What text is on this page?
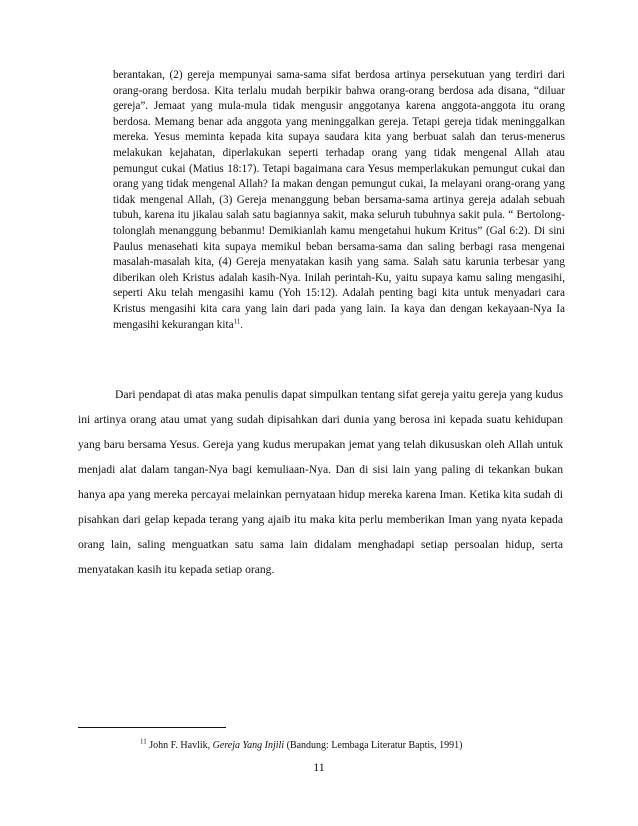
berantakan, (2) gereja mempunyai sama-sama sifat berdosa artinya persekutuan yang terdiri dari orang-orang berdosa. Kita terlalu mudah berpikir bahwa orang-orang berdosa ada disana, “diluar gereja”. Jemaat yang mula-mula tidak mengusir anggotanya karena anggota-anggota itu orang berdosa. Memang benar ada anggota yang meninggalkan gereja. Tetapi gereja tidak meninggalkan mereka. Yesus meminta kepada kita supaya saudara kita yang berbuat salah dan terus-menerus melakukan kejahatan, diperlakukan seperti terhadap orang yang tidak mengenal Allah atau pemungut cukai (Matius 18:17). Tetapi bagaimana cara Yesus memperlakukan pemungut cukai dan orang yang tidak mengenal Allah? Ia makan dengan pemungut cukai, Ia melayani orang-orang yang tidak mengenal Allah, (3) Gereja menanggung beban bersama-sama artinya gereja adalah sebuah tubuh, karena itu jikalau salah satu bagiannya sakit, maka seluruh tubuhnya sakit pula. “ Bertolong-tolonglah menanggung bebanmu! Demikianlah kamu mengetahui hukum Kritus” (Gal 6:2). Di sini Paulus menasehati kita supaya memikul beban bersama-sama dan saling berbagi rasa mengenai masalah-masalah kita, (4) Gereja menyatakan kasih yang sama. Salah satu karunia terbesar yang diberikan oleh Kristus adalah kasih-Nya. Inilah perintah-Ku, yaitu supaya kamu saling mengasihi, seperti Aku telah mengasihi kamu (Yoh 15:12). Adalah penting bagi kita untuk menyadari cara Kristus mengasihi kita cara yang lain dari pada yang lain. Ia kaya dan dengan kekayaan-Nya Ia mengasihi kekurangan kita$^{11}$.

Dari pendapat di atas maka penulis dapat simpulkan tentang sifat gereja yaitu gereja yang kudus ini artinya orang atau umat yang sudah dipisahkan dari dunia yang berosa ini kepada suatu kehidupan yang baru bersama Yesus. Gereja yang kudus merupakan jemat yang telah dikususkan oleh Allah untuk menjadi alat dalam tangan-Nya bagi kemuliaan-Nya. Dan di sisi lain yang paling di tekankan bukan hanya apa yang mereka percayai melainkan pernyataan hidup mereka karena Iman. Ketika kita sudah di pisahkan dari gelap kepada terang yang ajaib itu maka kita perlu memberikan Iman yang nyata kepada orang lain, saling menguatkan satu sama lain didalam menghadapi setiap persoalan hidup, serta menyatakan kasih itu kepada setiap orang.

$^{11}$ John F. Havlik, Gereja Yang Injili (Bandung: Lembaga Literatur Baptis, 1991)

11
